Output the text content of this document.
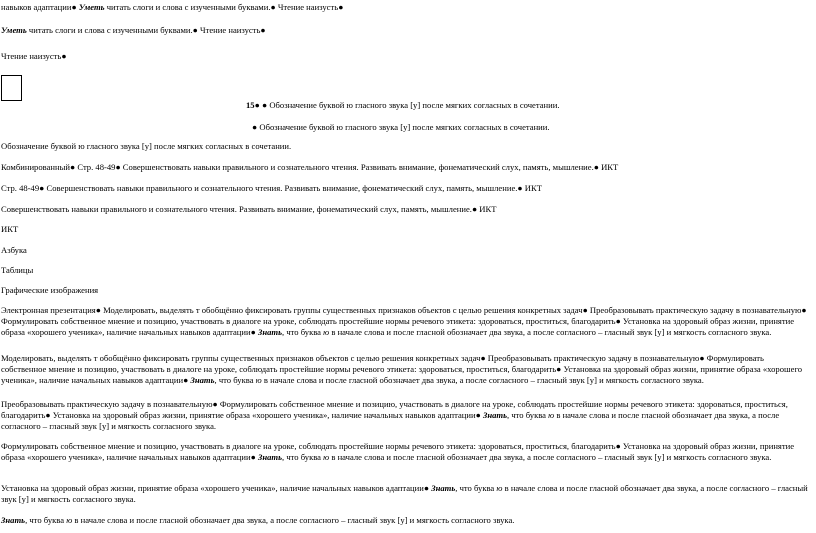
навыков адаптации● Уметь читать слоги и слова с изученными буквами.● Чтение наизусть●
Уметь читать слоги и слова с изученными буквами.● Чтение наизусть●
Чтение наизусть●
15● ● Обозначение буквой ю гласного звука [у] после мягких согласных в сочетании.
● Обозначение буквой ю гласного звука [у] после мягких согласных в сочетании.
Обозначение буквой ю гласного звука [у] после мягких согласных в сочетании.
Комбинированный● Стр. 48-49● Совершенствовать навыки правильного и сознательного чтения. Развивать внимание, фонематический слух, память, мышление.● ИКТ
Стр. 48-49● Совершенствовать навыки правильного и сознательного чтения. Развивать внимание, фонематический слух, память, мышление.● ИКТ
Совершенствовать навыки правильного и сознательного чтения. Развивать внимание, фонематический слух, память, мышление.● ИКТ
ИКТ
Азбука
Таблицы
Графические изображения
Электронная презентация● Моделировать, выделять т обобщённо фиксировать группы существенных признаков объектов с целью решения конкретных задач● Преобразовывать практическую задачу в познавательную● Формулировать собственное мнение и позицию, участвовать в диалоге на уроке, соблюдать простейшие нормы речевого этикета: здороваться, проститься, благодарить● Установка на здоровый образ жизни, принятие образа «хорошего ученика», наличие начальных навыков адаптации● Знать, что буква ю в начале слова и после гласной обозначает два звука, а после согласного – гласный звук [у] и мягкость согласного звука.
Моделировать, выделять т обобщённо фиксировать группы существенных признаков объектов с целью решения конкретных задач● Преобразовывать практическую задачу в познавательную● Формулировать собственное мнение и позицию, участвовать в диалоге на уроке, соблюдать простейшие нормы речевого этикета: здороваться, проститься, благодарить● Установка на здоровый образ жизни, принятие образа «хорошего ученика», наличие начальных навыков адаптации● Знать, что буква ю в начале слова и после гласной обозначает два звука, а после согласного – гласный звук [у] и мягкость согласного звука.
Преобразовывать практическую задачу в познавательную● Формулировать собственное мнение и позицию, участвовать в диалоге на уроке, соблюдать простейшие нормы речевого этикета: здороваться, проститься, благодарить● Установка на здоровый образ жизни, принятие образа «хорошего ученика», наличие начальных навыков адаптации● Знать, что буква ю в начале слова и после гласной обозначает два звука, а после согласного – гласный звук [у] и мягкость согласного звука.
Формулировать собственное мнение и позицию, участвовать в диалоге на уроке, соблюдать простейшие нормы речевого этикета: здороваться, проститься, благодарить● Установка на здоровый образ жизни, принятие образа «хорошего ученика», наличие начальных навыков адаптации● Знать, что буква ю в начале слова и после гласной обозначает два звука, а после согласного – гласный звук [у] и мягкость согласного звука.
Установка на здоровый образ жизни, принятие образа «хорошего ученика», наличие начальных навыков адаптации● Знать, что буква ю в начале слова и после гласной обозначает два звука, а после согласного – гласный звук [у] и мягкость согласного звука.
Знать, что буква ю в начале слова и после гласной обозначает два звука, а после согласного – гласный звук [у] и мягкость согласного звука.
